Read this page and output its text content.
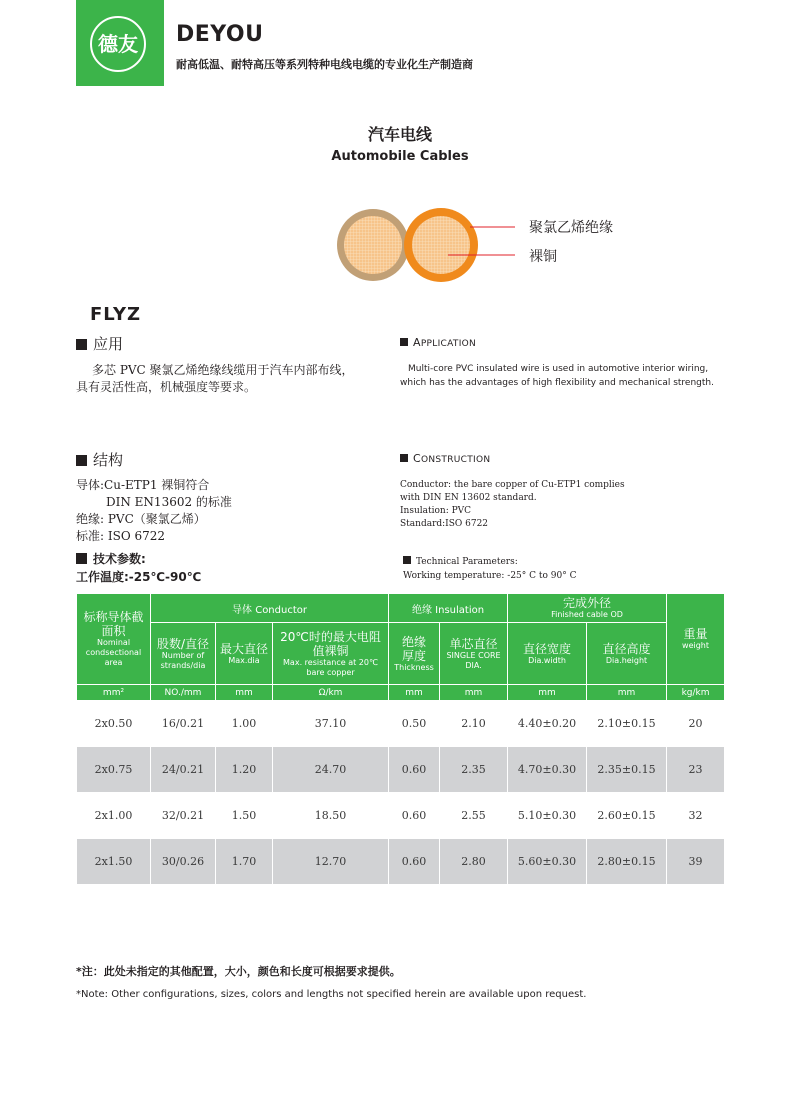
德友	DEYOU
耐高低温、耐特高压等系列特种电线电缆的专业化生产制造商
汽车电线
Automobile Cables
聚氯乙烯绝缘
裸铜
FLYZ
应用
多芯 PVC 聚氯乙烯绝缘线缆用于汽车内部布线，具有灵活性高，机械强度等要求。
APPLICATION
Multi-core PVC insulated wire is used in automotive interior wiring,
which has the advantages of high flexibility and mechanical strength.
结构
导体:Cu-ETP1 裸铜符合
DIN EN13602 的标准
绝缘: PVC（聚氯乙烯）
标准: ISO 6722
CONSTRUCTION
Conductor: the bare copper of Cu-ETP1 complies
with DIN EN 13602 standard.
Insulation: PVC
Standard:ISO 6722
技术参数:
工作温度:-25℃-90℃
Technical Parameters:
Working temperature: -25° C to 90° C
标称导体截面积
Nominal condsectional area	导体 Conductor			绝缘 Insulation		完成外径
Finished cable OD		重量
weight

	股数/直径
Number of strands/dia	最大直径
Max.dia	20℃时的最大电阻值裸铜
Max. resistance at 20℃ bare copper	绝缘厚度
Thickness	单芯直径
SINGLE CORE DIA.	直径宽度
Dia.width	直径高度
Dia.height	

mm²	NO./mm	mm	Ω/km	mm	mm	mm	mm	kg/km
2x0.50	16/0.21	1.00	37.10	0.50	2.10	4.40±0.20	2.10±0.15	20
2x0.75	24/0.21	1.20	24.70	0.60	2.35	4.70±0.30	2.35±0.15	23
2x1.00	32/0.21	1.50	18.50	0.60	2.55	5.10±0.30	2.60±0.15	32
2x1.50	30/0.26	1.70	12.70	0.60	2.80	5.60±0.30	2.80±0.15	39
*注：此处未指定的其他配置，大小，颜色和长度可根据要求提供。
*Note: Other configurations, sizes, colors and lengths not specified herein are available upon request.
